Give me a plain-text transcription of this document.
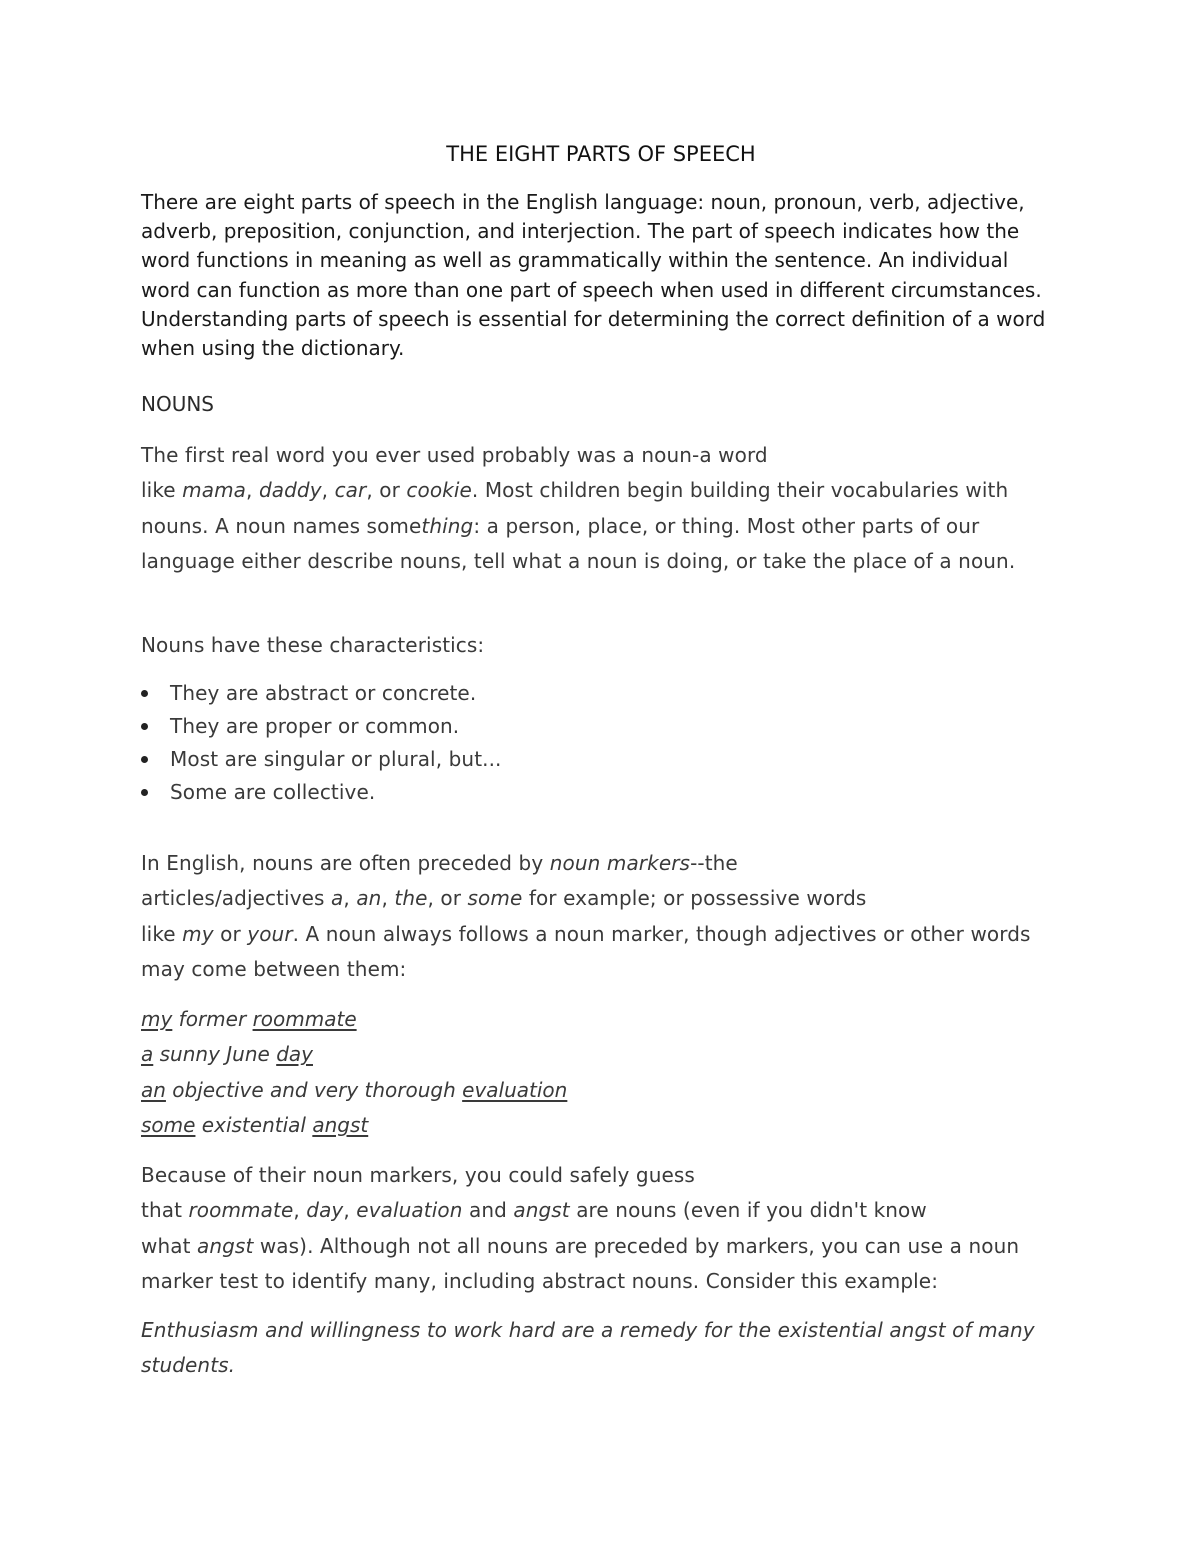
THE EIGHT PARTS OF SPEECH

There are eight parts of speech in the English language: noun, pronoun, verb, adjective, adverb, preposition, conjunction, and interjection. The part of speech indicates how the word functions in meaning as well as grammatically within the sentence. An individual word can function as more than one part of speech when used in different circumstances. Understanding parts of speech is essential for determining the correct definition of a word when using the dictionary.

NOUNS

The first real word you ever used probably was a noun-a word
like mama, daddy, car, or cookie. Most children begin building their vocabularies with nouns. A noun names something: a person, place, or thing. Most other parts of our language either describe nouns, tell what a noun is doing, or take the place of a noun.

Nouns have these characteristics:

They are abstract or concrete.
They are proper or common.
Most are singular or plural, but...
Some are collective.

In English, nouns are often preceded by noun markers--the
articles/adjectives a, an, the, or some for example; or possessive words
like my or your. A noun always follows a noun marker, though adjectives or other words may come between them:

my former roommate
a sunny June day
an objective and very thorough evaluation
some existential angst

Because of their noun markers, you could safely guess
that roommate, day, evaluation and angst are nouns (even if you didn't know
what angst was). Although not all nouns are preceded by markers, you can use a noun marker test to identify many, including abstract nouns. Consider this example:

Enthusiasm and willingness to work hard are a remedy for the existential angst of many students.
